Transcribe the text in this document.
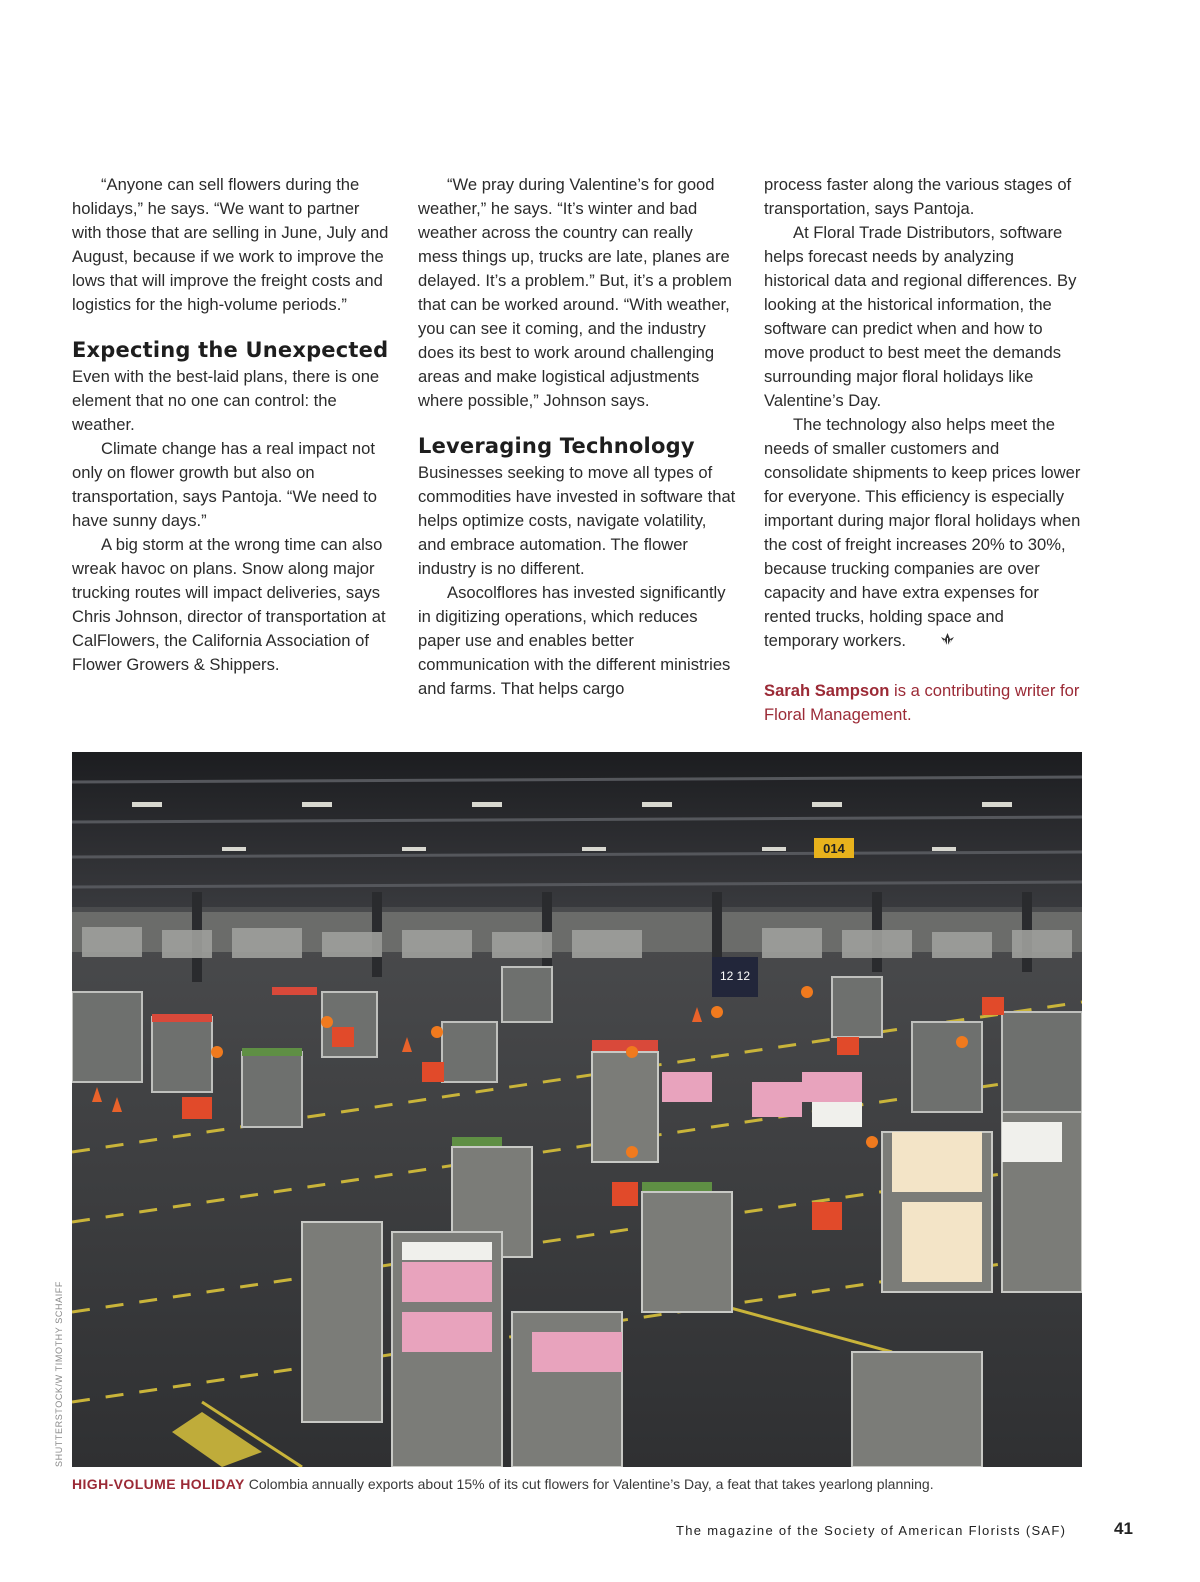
“Anyone can sell flowers during the holidays,” he says. “We want to partner with those that are selling in June, July and August, because if we work to improve the lows that will improve the freight costs and logistics for the high-volume periods.”

Expecting the Unexpected

Even with the best-laid plans, there is one element that no one can control: the weather.

Climate change has a real impact not only on flower growth but also on transportation, says Pantoja. “We need to have sunny days.”

A big storm at the wrong time can also wreak havoc on plans. Snow along major trucking routes will impact deliveries, says Chris Johnson, director of transportation at CalFlowers, the California Association of Flower Growers & Shippers.

“We pray during Valentine’s for good weather,” he says. “It’s winter and bad weather across the country can really mess things up, trucks are late, planes are delayed. It’s a problem.” But, it’s a problem that can be worked around. “With weather, you can see it coming, and the industry does its best to work around challenging areas and make logistical adjustments where possible,” Johnson says.

Leveraging Technology

Businesses seeking to move all types of commodities have invested in software that helps optimize costs, navigate volatility, and embrace automation. The flower industry is no different.

Asocolflores has invested significantly in digitizing operations, which reduces paper use and enables better communication with the different ministries and farms. That helps cargo

process faster along the various stages of transportation, says Pantoja.

At Floral Trade Distributors, software helps forecast needs by analyzing historical data and regional differences. By looking at the historical information, the software can predict when and how to move product to best meet the demands surrounding major floral holidays like Valentine’s Day.

The technology also helps meet the needs of smaller customers and consolidate shipments to keep prices lower for everyone. This efficiency is especially important during major floral holidays when the cost of freight increases 20% to 30%, because trucking companies are over capacity and have extra expenses for rented trucks, holding space and temporary workers.

Sarah Sampson is a contributing writer for Floral Management.

014
12 12
SHUTTERSTOCK/W TIMOTHY SCHAIFF
HIGH-VOLUME HOLIDAY Colombia annually exports about 15% of its cut flowers for Valentine’s Day, a feat that takes yearlong planning.
The magazine of the Society of American Florists (SAF)	41
